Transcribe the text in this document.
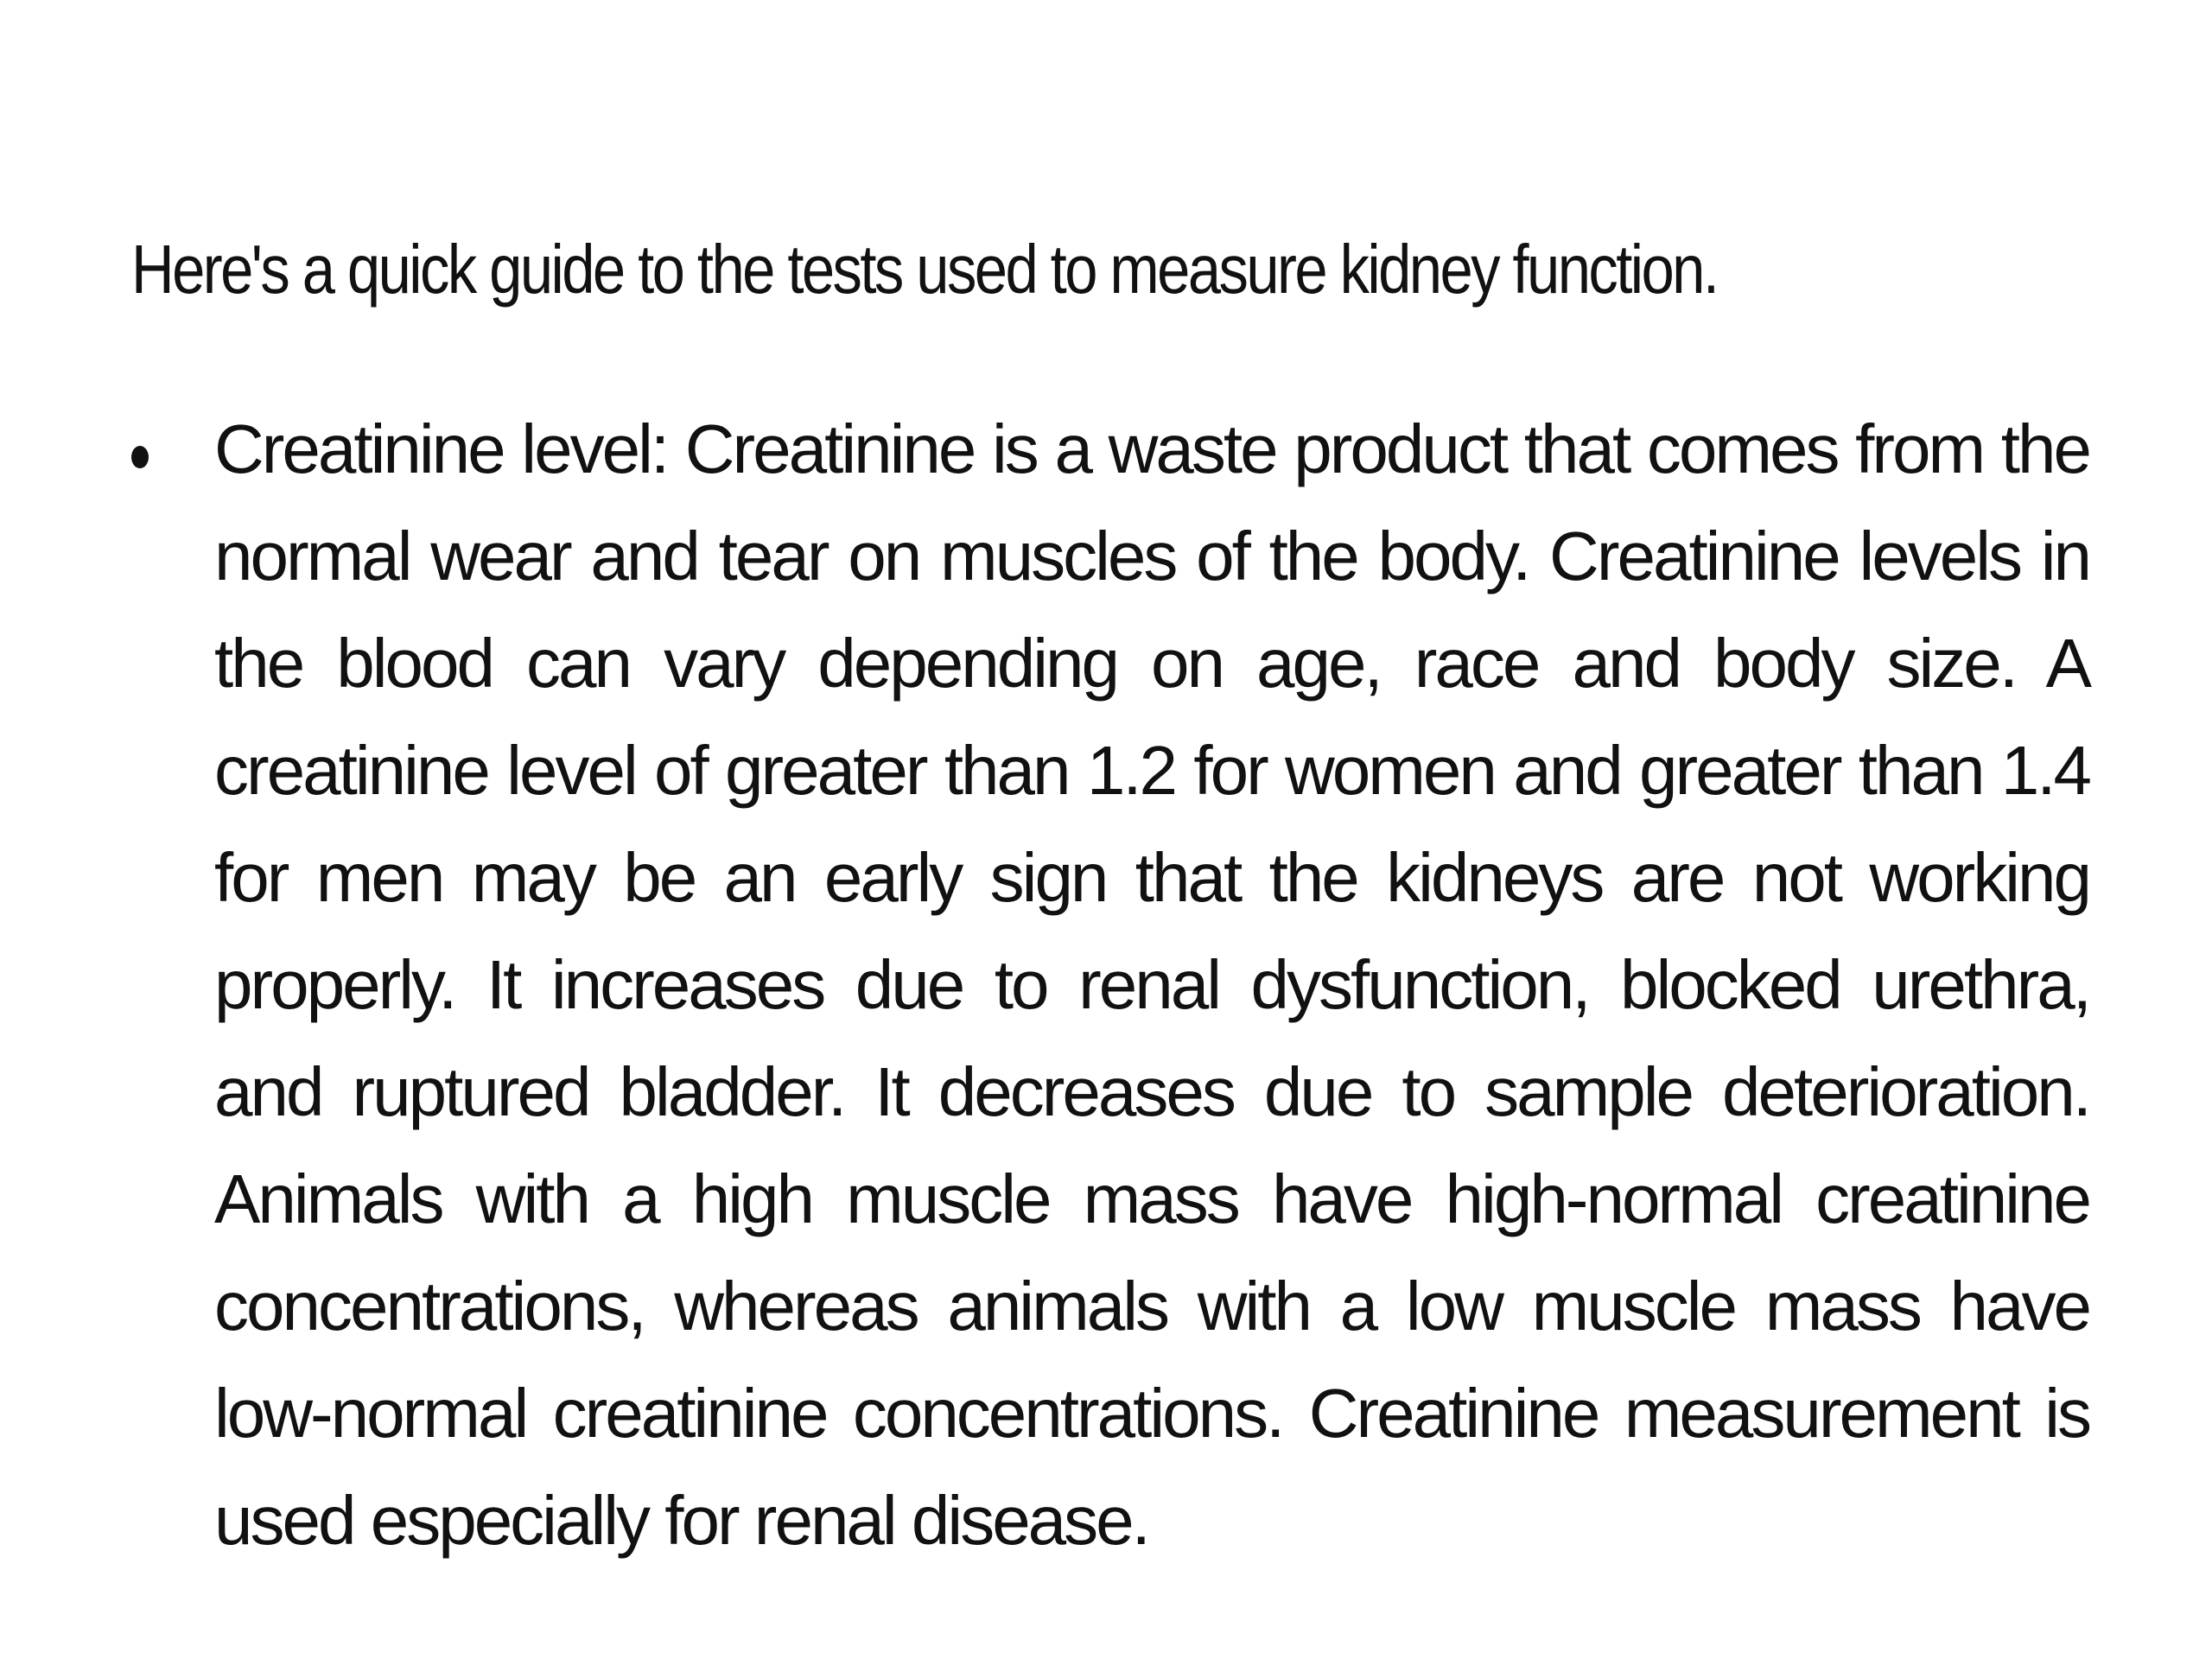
Here's a quick guide to the tests used to measure kidney function.

Creatinine level: Creatinine is a waste product that comes from the normal wear and tear on muscles of the body. Creatinine levels in the blood can vary depending on age, race and body size. A creatinine level of greater than 1.2 for women and greater than 1.4 for men may be an early sign that the kidneys are not working properly. It increases due to renal dysfunction, blocked urethra, and ruptured bladder. It decreases due to sample deterioration. Animals with a high muscle mass have high-normal creatinine concentrations, whereas animals with a low muscle mass have low-normal creatinine concentrations. Creatinine measurement is used especially for renal disease.
